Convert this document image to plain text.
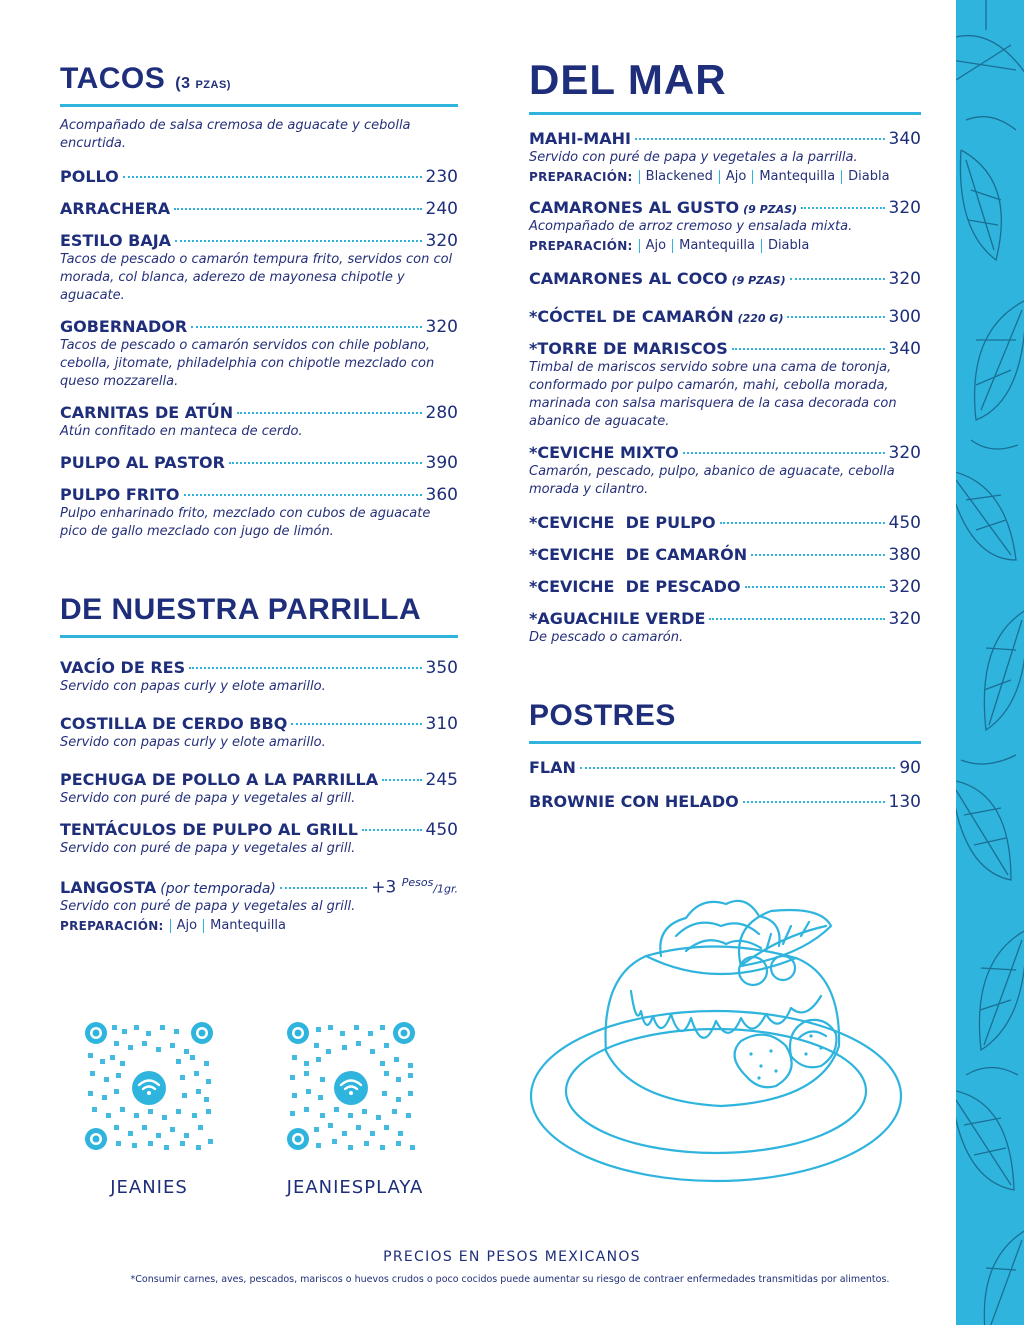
TACOS (3 PZAS)
Acompañado de salsa cremosa de aguacate y cebolla encurtida.
POLLO	230
ARRACHERA	240
ESTILO BAJA	320
Tacos de pescado o camarón tempura frito, servidos con col morada, col blanca, aderezo de mayonesa chipotle y aguacate.
GOBERNADOR	320
Tacos de pescado o camarón servidos con chile poblano, cebolla, jitomate, philadelphia con chipotle mezclado con queso mozzarella.
CARNITAS DE ATÚN	280
Atún confitado en manteca de cerdo.
PULPO AL PASTOR	390
PULPO FRITO	360
Pulpo enharinado frito, mezclado con cubos de aguacate pico de gallo mezclado con jugo de limón.
DE NUESTRA PARRILLA
VACÍO DE RES	350
Servido con papas curly y elote amarillo.
COSTILLA DE CERDO BBQ	310
Servido con papas curly y elote amarillo.
PECHUGA DE POLLO A LA PARRILLA	245
Servido con puré de papa y vegetales al grill.
TENTÁCULOS DE PULPO AL GRILL	450
Servido con puré de papa y vegetales al grill.
LANGOSTA (por temporada)	+3 $^{Pesos}$/1gr.
Servido con puré de papa y vegetales al grill.
PREPARACIÓN:	Ajo	Mantequilla
JEANIES	JEANIESPLAYA
DEL MAR
MAHI-MAHI	340
Servido con puré de papa y vegetales a la parrilla.
PREPARACIÓN:	Blackened	Ajo	Mantequilla	Diabla
CAMARONES AL GUSTO (9 PZAS)	320
Acompañado de arroz cremoso y ensalada mixta.
PREPARACIÓN:	Ajo	Mantequilla	Diabla
CAMARONES AL COCO (9 PZAS)	320
*CÓCTEL DE CAMARÓN (220 G)	300
*TORRE DE MARISCOS	340
Timbal de mariscos servido sobre una cama de toronja, conformado por pulpo camarón, mahi, cebolla morada, marinada con salsa marisquera de la casa decorada con abanico de aguacate.
*CEVICHE MIXTO	320
Camarón, pescado, pulpo, abanico de aguacate, cebolla morada y cilantro.
*CEVICHE  DE PULPO	450
*CEVICHE  DE CAMARÓN	380
*CEVICHE  DE PESCADO	320
*AGUACHILE VERDE	320
De pescado o camarón.
POSTRES
FLAN	90
BROWNIE CON HELADO	130
PRECIOS EN PESOS MEXICANOS
*Consumir carnes, aves, pescados, mariscos o huevos crudos o poco cocidos puede aumentar su riesgo de contraer enfermedades transmitidas por alimentos.
